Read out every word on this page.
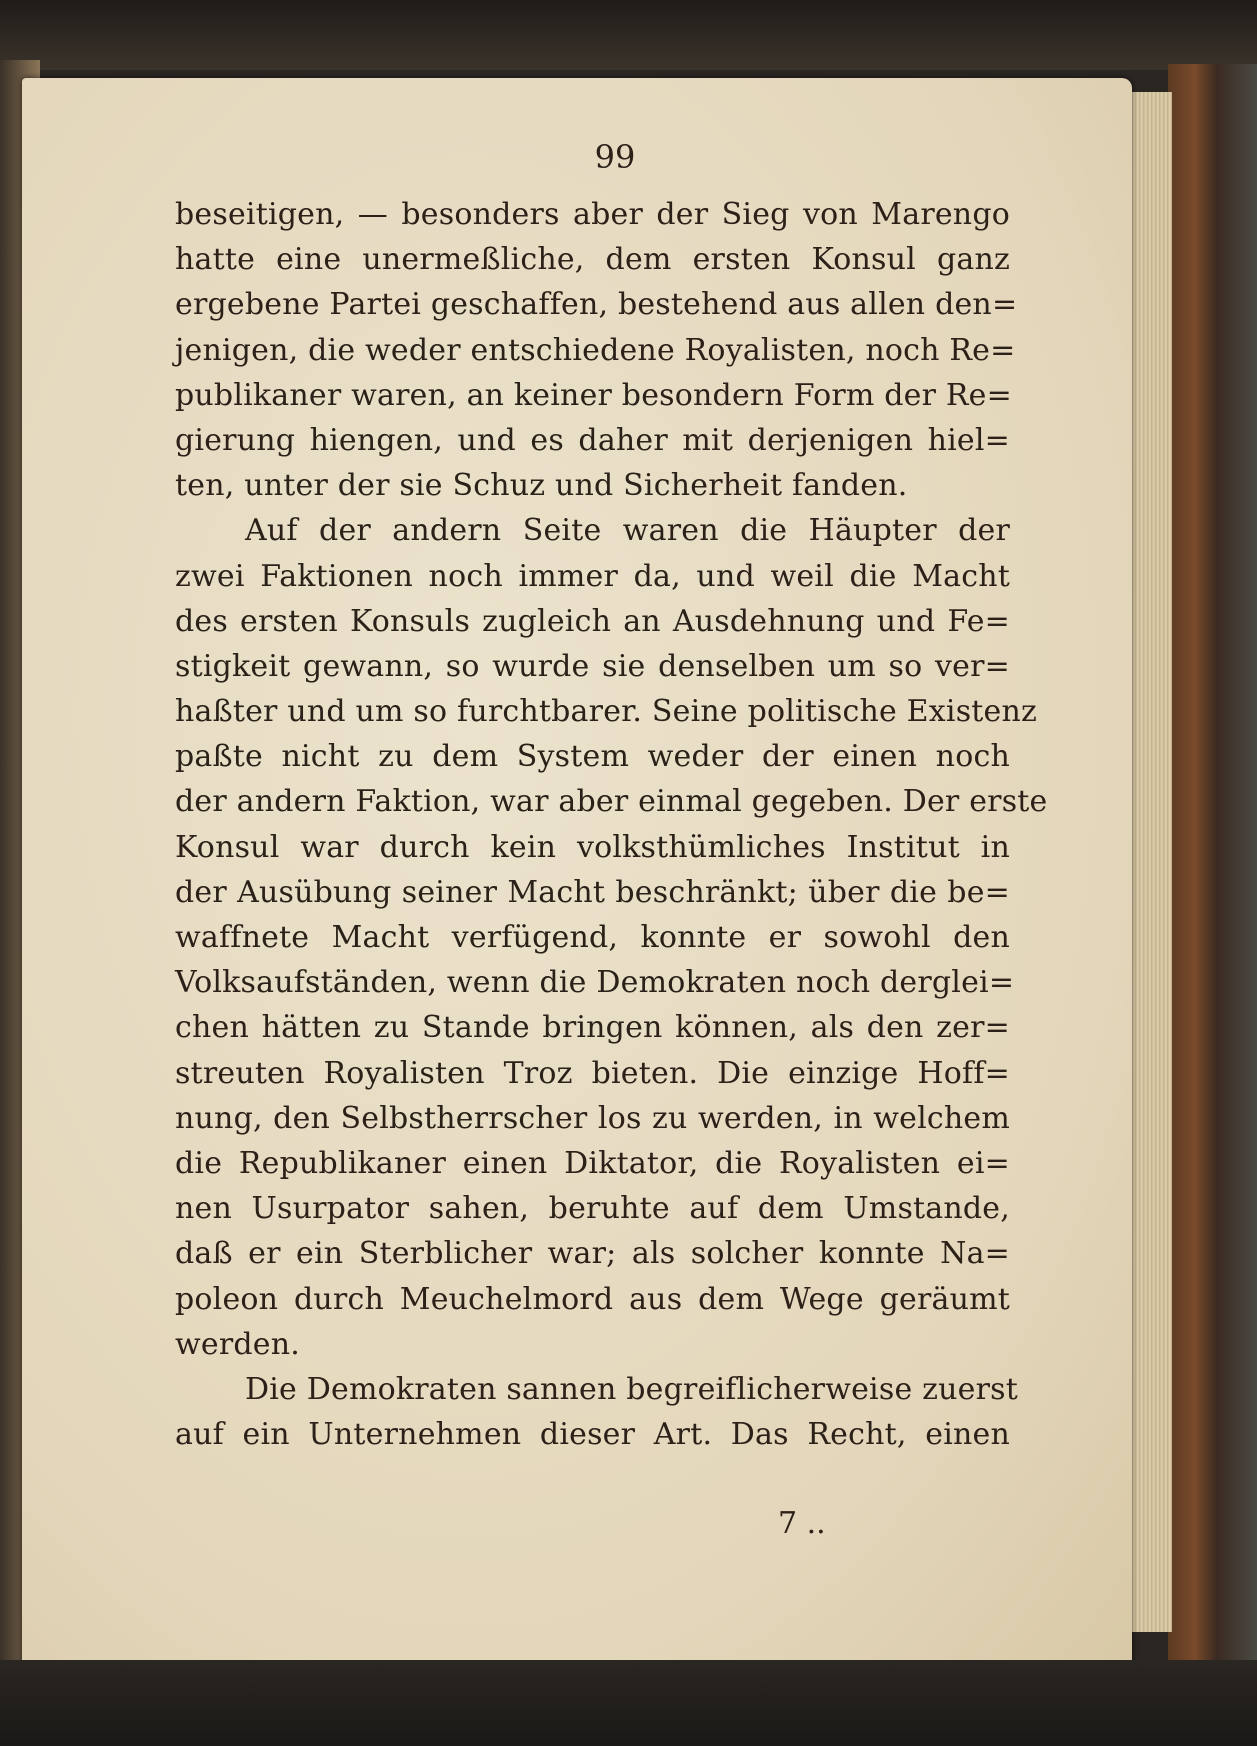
99
beseitigen, — besonders aber der Sieg von Marengo
hatte eine unermeßliche, dem ersten Konsul ganz
ergebene Partei geschaffen, bestehend aus allen den=
jenigen, die weder entschiedene Royalisten, noch Re=
publikaner waren, an keiner besondern Form der Re=
gierung hiengen, und es daher mit derjenigen hiel=
ten, unter der sie Schuz und Sicherheit fanden.
Auf der andern Seite waren die Häupter der
zwei Faktionen noch immer da, und weil die Macht
des ersten Konsuls zugleich an Ausdehnung und Fe=
stigkeit gewann, so wurde sie denselben um so ver=
haßter und um so furchtbarer. Seine politische Existenz
paßte nicht zu dem System weder der einen noch
der andern Faktion, war aber einmal gegeben. Der erste
Konsul war durch kein volksthümliches Institut in
der Ausübung seiner Macht beschränkt; über die be=
waffnete Macht verfügend, konnte er sowohl den
Volksaufständen, wenn die Demokraten noch derglei=
chen hätten zu Stande bringen können, als den zer=
streuten Royalisten Troz bieten. Die einzige Hoff=
nung, den Selbstherrscher los zu werden, in welchem
die Republikaner einen Diktator, die Royalisten ei=
nen Usurpator sahen, beruhte auf dem Umstande,
daß er ein Sterblicher war; als solcher konnte Na=
poleon durch Meuchelmord aus dem Wege geräumt
werden.
Die Demokraten sannen begreiflicherweise zuerst
auf ein Unternehmen dieser Art. Das Recht, einen
7 ..
